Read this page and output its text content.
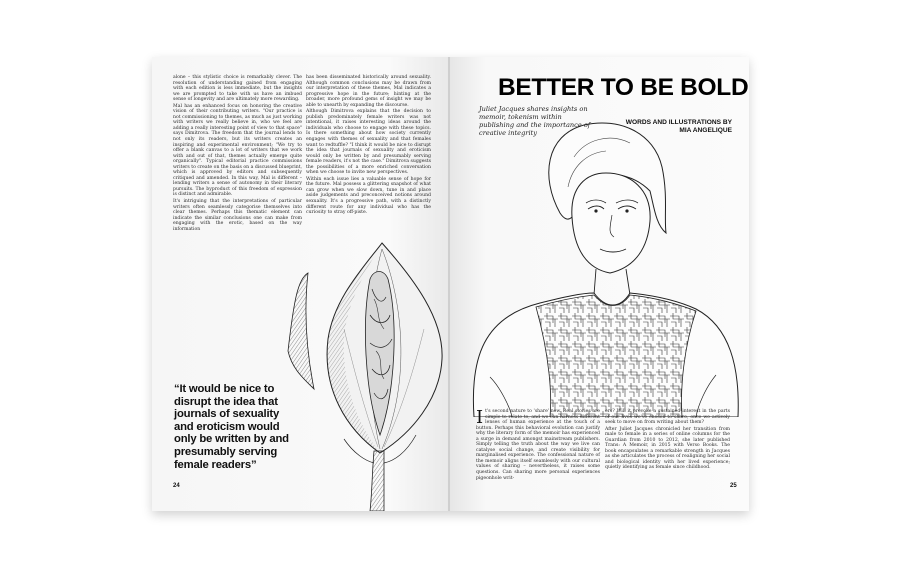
alone – this stylistic choice is remarkably clever. The resolution of understanding gained from engaging with each edition is less immediate, but the insights we are prompted to take with us have an imbued sense of longevity and are ultimately more rewarding.

Mal has an enhanced focus on honoring the creative vision of their contributing writers. "Our practice is not commissioning to themes, as much as just working with writers we really believe in, who we feel are adding a really interesting point of view to that space" says Dimitrova. The freedom that the journal lends to not only its readers, but its writers creates an inspiring and experimental environment; "We try to offer a blank canvas to a lot of writers that we work with and out of that, themes actually emerge quite organically". Typical editorial practice commissions writers to create on the basis on a discussed blueprint, which is approved by editors and subsequently critiqued and amended. In this way, Mal is different – lending writers a sense of autonomy in their literary pursuits. The byproduct of this freedom of expression is distinct and admirable.

It's intriguing that the interpretations of particular writers often seamlessly categorise themselves into clear themes. Perhaps this thematic element can indicate the similar conclusions one can make from engaging with the erotic, based on the way information

has been disseminated historically around sexuality. Although common conclusions may be drawn from our interpretation of these themes, Mal indicates a progressive hope in the future; hinting at the broader, more profound gems of insight we may be able to unearth by expanding the discourse.

Although Dimitrova explains that the decision to publish predominately female writers was not intentional, it raises interesting ideas around the individuals who choose to engage with these topics. Is there something about how society currently engages with themes of sexuality and that females want to redtuffle? "I think it would be nice to disrupt the idea that journals of sexuality and eroticism would only be written by and presumably serving female readers, it's not the case." Dimitrova suggests the possibilities of a more enriched conversation when we choose to invite new perspectives.

Within each issue lies a valuable sense of hope for the future. Mal possess a glittering snapshot of what can grow when we slow down, tune in and place aside judgements and preconceived notions around sexuality. It's a progressive path, with a distinctly different route for any individual who has the curiosity to stray off-piste.

“It would be nice to disrupt the idea that journals of sexuality and eroticism would only be written by and presumably serving female readers”

24
BETTER TO BE BOLD

Juliet Jacques shares insights on memoir, tokenism within publishing and the importance of creative integrity

WORDS AND ILLUSTRATIONS BY MIA ANGELIQUE

It's second nature to 'share' now. Real stories are simple to relate to, and we can harness different lenses of human experience at the touch of a button. Perhaps this behavioral evolution can justify why the literary form of the memoir has experienced a surge in demand amongst mainstream publishers. Simply telling the truth about the way we live can catalyse social change, and create visibility for marginalised experience. The confessional nature of the memoir aligns itself seamlessly with our cultural values of sharing – nevertheless, it raises some questions. Can sharing more personal experiences pigeonhole writ-

ers? Will it provoke a sustained interest in the parts of our lives we've chosen to share, once we actively seek to move on from writing about them?

After Juliet Jacques chronicled her transition from male to female in a series of online columns for the Guardian from 2010 to 2012, she later published Trans: A Memoir, in 2015 with Verso Books. The book encapsulates a remarkable strength in Jacques as she articulates the process of realigning her social and biological identity with her lived experience; quietly identifying as female since childhood.

25
